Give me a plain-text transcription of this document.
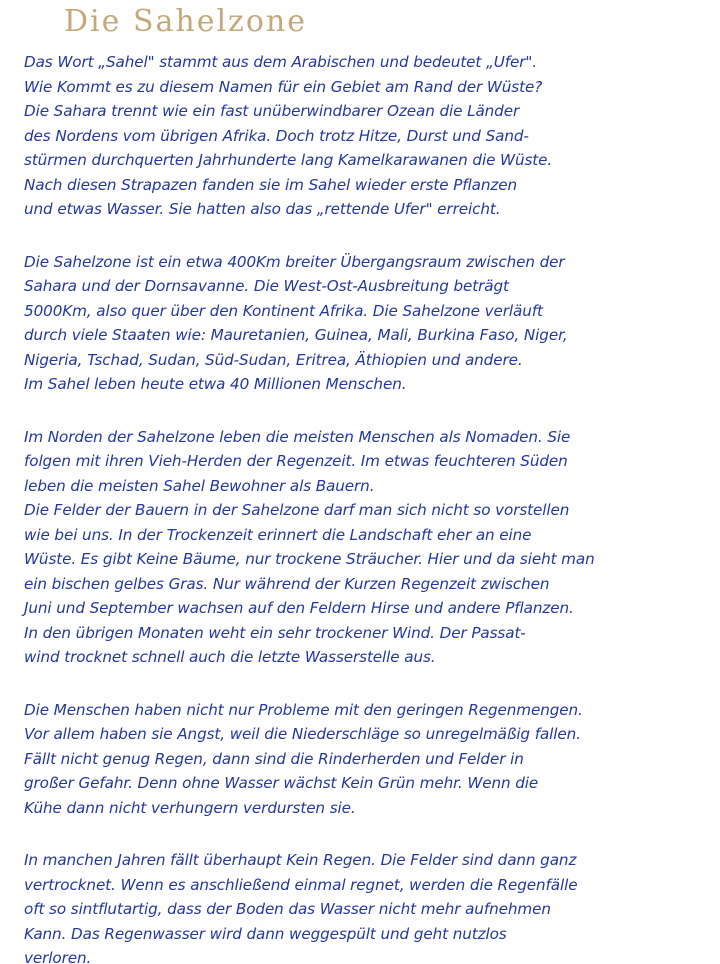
Die Sahelzone
Das Wort „Sahel" stammt aus dem Arabischen und bedeutet „Ufer".
Wie Kommt es zu diesem Namen für ein Gebiet am Rand der Wüste?
Die Sahara trennt wie ein fast unüberwindbarer Ozean die Länder
des Nordens vom übrigen Afrika. Doch trotz Hitze, Durst und Sand-
stürmen durchquerten Jahrhunderte lang Kamelkarawanen die Wüste.
Nach diesen Strapazen fanden sie im Sahel wieder erste Pflanzen
und etwas Wasser. Sie hatten also das „rettende Ufer" erreicht.
Die Sahelzone ist ein etwa 400Km breiter Übergangsraum zwischen der
Sahara und der Dornsavanne. Die West-Ost-Ausbreitung beträgt
5000Km, also quer über den Kontinent Afrika. Die Sahelzone verläuft
durch viele Staaten wie: Mauretanien, Guinea, Mali, Burkina Faso, Niger,
Nigeria, Tschad, Sudan, Süd-Sudan, Eritrea, Äthiopien und andere.
Im Sahel leben heute etwa 40 Millionen Menschen.
Im Norden der Sahelzone leben die meisten Menschen als Nomaden. Sie
folgen mit ihren Vieh-Herden der Regenzeit. Im etwas feuchteren Süden
leben die meisten Sahel Bewohner als Bauern.
Die Felder der Bauern in der Sahelzone darf man sich nicht so vorstellen
wie bei uns. In der Trockenzeit erinnert die Landschaft eher an eine
Wüste. Es gibt Keine Bäume, nur trockene Sträucher. Hier und da sieht man
ein bischen gelbes Gras. Nur während der Kurzen Regenzeit zwischen
Juni und September wachsen auf den Feldern Hirse und andere Pflanzen.
In den übrigen Monaten weht ein sehr trockener Wind. Der Passat-
wind trocknet schnell auch die letzte Wasserstelle aus.
Die Menschen haben nicht nur Probleme mit den geringen Regenmengen.
Vor allem haben sie Angst, weil die Niederschläge so unregelmäßig fallen.
Fällt nicht genug Regen, dann sind die Rinderherden und Felder in
großer Gefahr. Denn ohne Wasser wächst Kein Grün mehr. Wenn die
Kühe dann nicht verhungern verdursten sie.
In manchen Jahren fällt überhaupt Kein Regen. Die Felder sind dann ganz
vertrocknet. Wenn es anschließend einmal regnet, werden die Regenfälle
oft so sintflutartig, dass der Boden das Wasser nicht mehr aufnehmen
Kann. Das Regenwasser wird dann weggespült und geht nutzlos
verloren.
